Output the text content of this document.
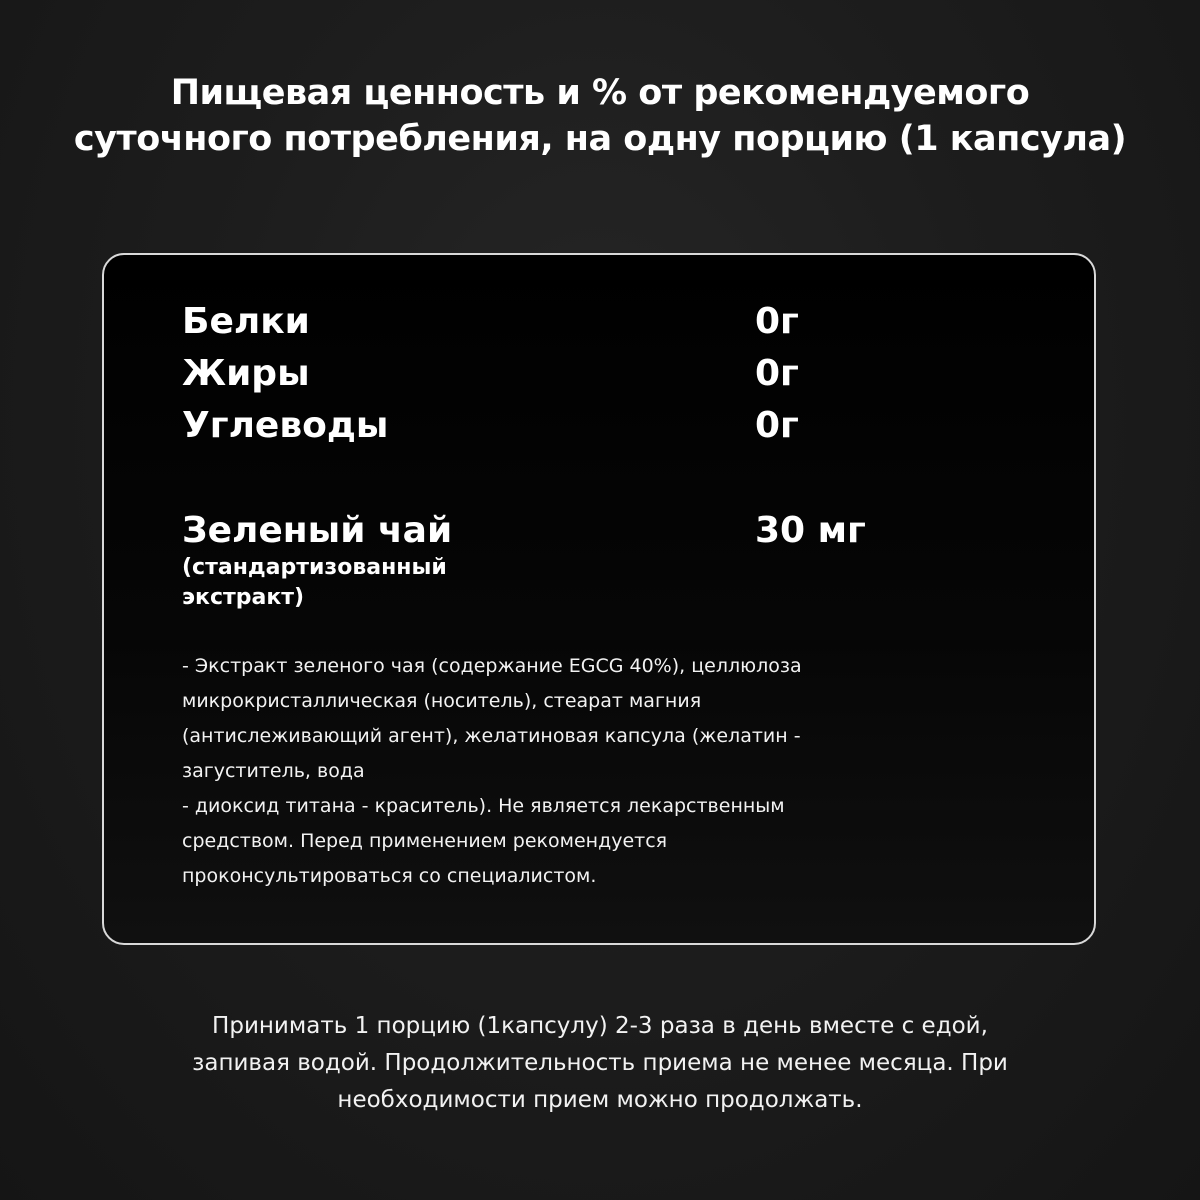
Пищевая ценность и % от рекомендуемого
суточного потребления, на одну порцию (1 капсула)
Белки	0г
Жиры	0г
Углеводы	0г
Зеленый чай	30 мг
(стандартизованный
экстракт)
- Экстракт зеленого чая (содержание EGCG 40%), целлюлоза
микрокристаллическая (носитель), стеарат магния
(антислеживающий агент), желатиновая капсула (желатин -
загуститель, вода
- диоксид титана - краситель). Не является лекарственным
средством. Перед применением рекомендуется
проконсультироваться со специалистом.
Принимать 1 порцию (1капсулу) 2-3 раза в день вместе с едой,
запивая водой. Продолжительность приема не менее месяца. При
необходимости прием можно продолжать.
